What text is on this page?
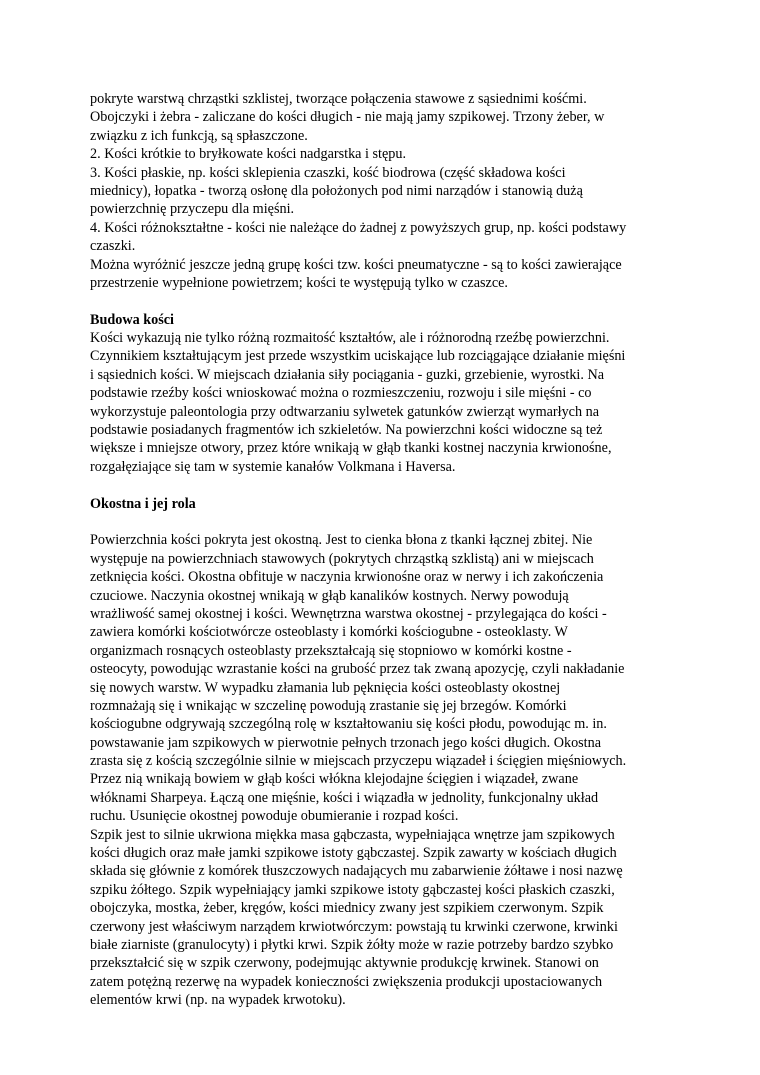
pokryte warstwą chrząstki szklistej, tworzące połączenia stawowe z sąsiednimi kośćmi.
Obojczyki i żebra - zaliczane do kości długich - nie mają jamy szpikowej. Trzony żeber, w
związku z ich funkcją, są spłaszczone.
2. Kości krótkie to bryłkowate kości nadgarstka i stępu.
3. Kości płaskie, np. kości sklepienia czaszki, kość biodrowa (część składowa kości
miednicy), łopatka - tworzą osłonę dla położonych pod nimi narządów i stanowią dużą
powierzchnię przyczepu dla mięśni.
4. Kości różnokształtne - kości nie należące do żadnej z powyższych grup, np. kości podstawy
czaszki.
Można wyróżnić jeszcze jedną grupę kości tzw. kości pneumatyczne - są to kości zawierające
przestrzenie wypełnione powietrzem; kości te występują tylko w czaszce.
Budowa kości
Kości wykazują nie tylko różną rozmaitość kształtów, ale i różnorodną rzeźbę powierzchni.
Czynnikiem kształtującym jest przede wszystkim uciskające lub rozciągające działanie mięśni
i sąsiednich kości. W miejscach działania siły pociągania - guzki, grzebienie, wyrostki. Na
podstawie rzeźby kości wnioskować można o rozmieszczeniu, rozwoju i sile mięśni - co
wykorzystuje paleontologia przy odtwarzaniu sylwetek gatunków zwierząt wymarłych na
podstawie posiadanych fragmentów ich szkieletów. Na powierzchni kości widoczne są też
większe i mniejsze otwory, przez które wnikają w głąb tkanki kostnej naczynia krwionośne,
rozgałęziające się tam w systemie kanałów Volkmana i Haversa.
Okostna i jej rola
Powierzchnia kości pokryta jest okostną. Jest to cienka błona z tkanki łącznej zbitej. Nie
występuje na powierzchniach stawowych (pokrytych chrząstką szklistą) ani w miejscach
zetknięcia kości. Okostna obfituje w naczynia krwionośne oraz w nerwy i ich zakończenia
czuciowe. Naczynia okostnej wnikają w głąb kanalików kostnych. Nerwy powodują
wrażliwość samej okostnej i kości. Wewnętrzna warstwa okostnej - przylegająca do kości -
zawiera komórki kościotwórcze osteoblasty i komórki kościogubne - osteoklasty. W
organizmach rosnących osteoblasty przekształcają się stopniowo w komórki kostne -
osteocyty, powodując wzrastanie kości na grubość przez tak zwaną apozycję, czyli nakładanie
się nowych warstw. W wypadku złamania lub pęknięcia kości osteoblasty okostnej
rozmnażają się i wnikając w szczelinę powodują zrastanie się jej brzegów. Komórki
kościogubne odgrywają szczególną rolę w kształtowaniu się kości płodu, powodując m. in.
powstawanie jam szpikowych w pierwotnie pełnych trzonach jego kości długich. Okostna
zrasta się z kością szczególnie silnie w miejscach przyczepu wiązadeł i ścięgien mięśniowych.
Przez nią wnikają bowiem w głąb kości włókna klejodajne ścięgien i wiązadeł, zwane
włóknami Sharpeya. Łączą one mięśnie, kości i wiązadła w jednolity, funkcjonalny układ
ruchu. Usunięcie okostnej powoduje obumieranie i rozpad kości.
Szpik jest to silnie ukrwiona miękka masa gąbczasta, wypełniająca wnętrze jam szpikowych
kości długich oraz małe jamki szpikowe istoty gąbczastej. Szpik zawarty w kościach długich
składa się głównie z komórek tłuszczowych nadających mu zabarwienie żółtawe i nosi nazwę
szpiku żółtego. Szpik wypełniający jamki szpikowe istoty gąbczastej kości płaskich czaszki,
obojczyka, mostka, żeber, kręgów, kości miednicy zwany jest szpikiem czerwonym. Szpik
czerwony jest właściwym narządem krwiotwórczym: powstają tu krwinki czerwone, krwinki
białe ziarniste (granulocyty) i płytki krwi. Szpik żółty może w razie potrzeby bardzo szybko
przekształcić się w szpik czerwony, podejmując aktywnie produkcję krwinek. Stanowi on
zatem potężną rezerwę na wypadek konieczności zwiększenia produkcji upostaciowanych
elementów krwi (np. na wypadek krwotoku).
